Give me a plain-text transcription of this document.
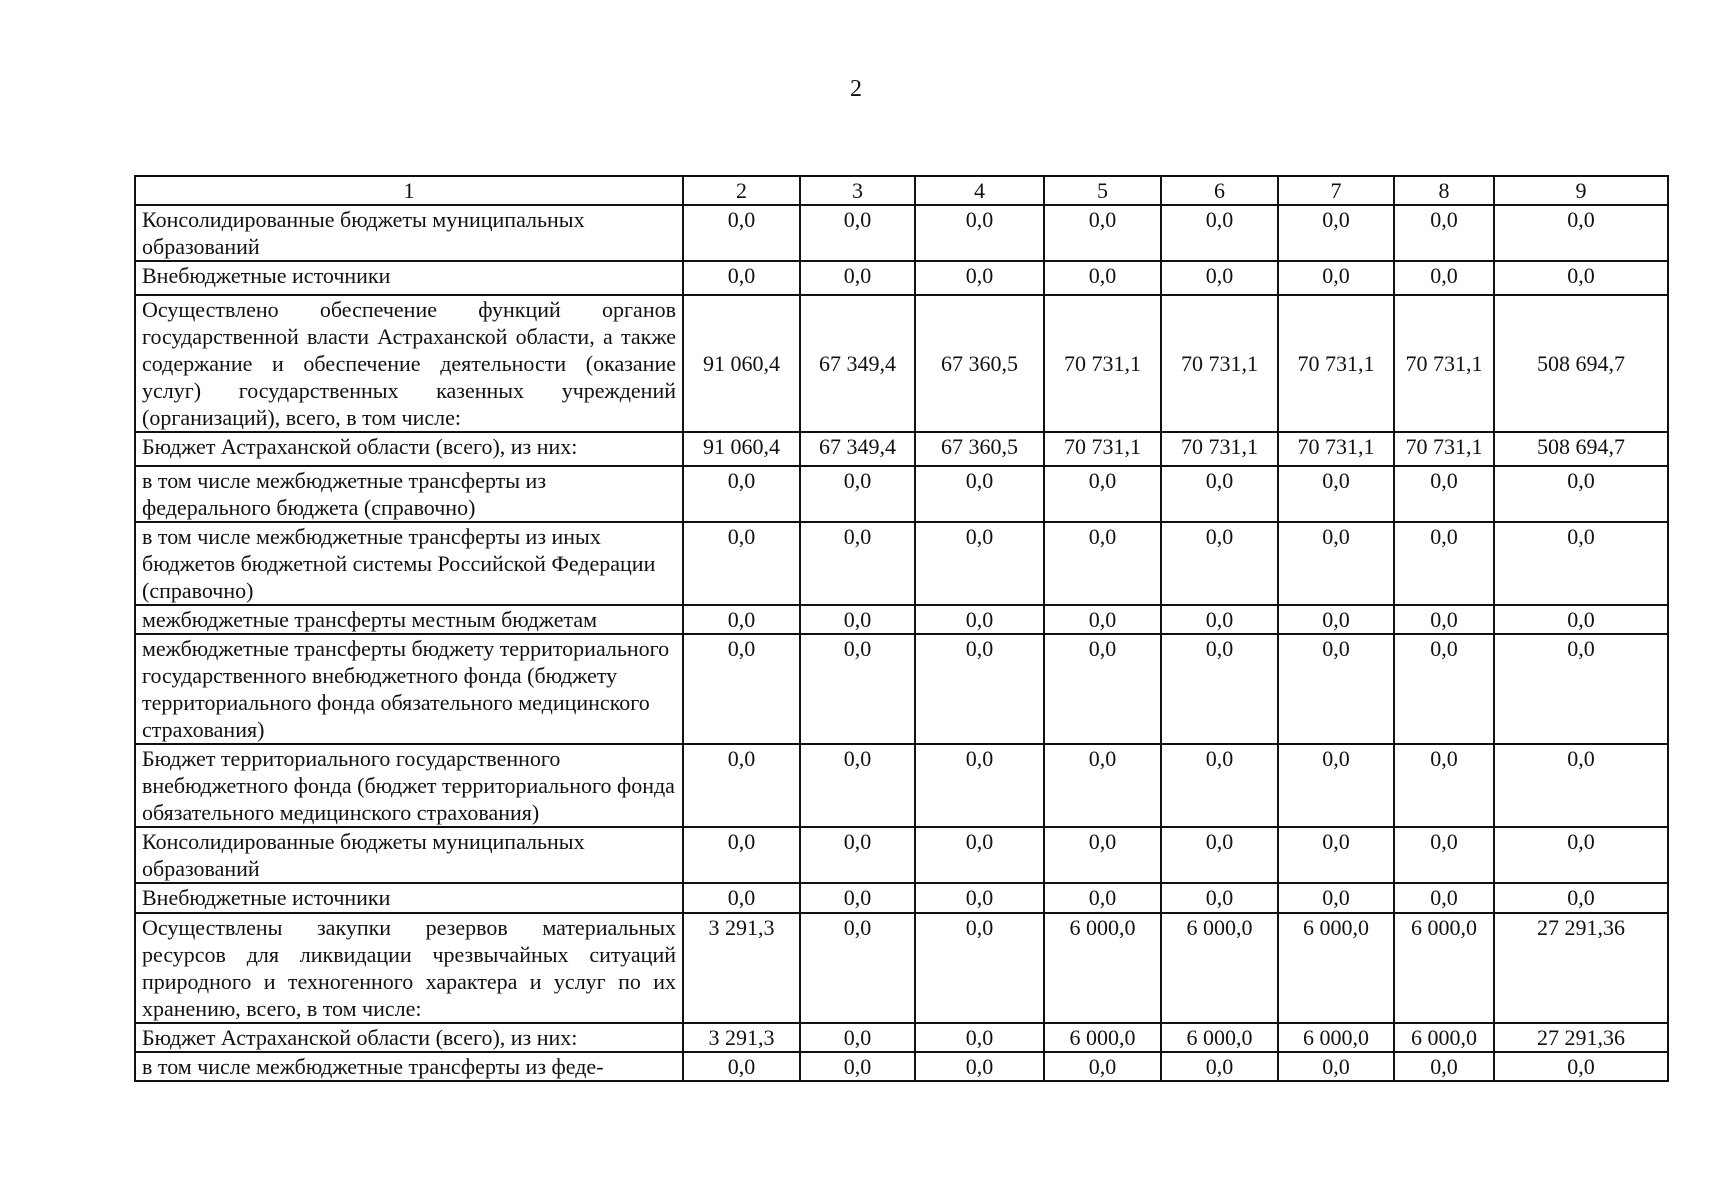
2
1	2	3	4	5	6	7	8	9
Консолидированные бюджеты муниципальных образований	0,0	0,0	0,0	0,0	0,0	0,0	0,0	0,0
Внебюджетные источники	0,0	0,0	0,0	0,0	0,0	0,0	0,0	0,0
Осуществлено обеспечение функций органов государственной власти Астраханской области, а также содержание и обеспечение деятельности (оказание услуг) государственных казенных учреждений (организаций), всего, в том числе:	91 060,4	67 349,4	67 360,5	70 731,1	70 731,1	70 731,1	70 731,1	508 694,7
Бюджет Астраханской области (всего), из них:	91 060,4	67 349,4	67 360,5	70 731,1	70 731,1	70 731,1	70 731,1	508 694,7
в том числе межбюджетные трансферты из федерального бюджета (справочно)	0,0	0,0	0,0	0,0	0,0	0,0	0,0	0,0
в том числе межбюджетные трансферты из иных бюджетов бюджетной системы Российской Федерации (справочно)	0,0	0,0	0,0	0,0	0,0	0,0	0,0	0,0
межбюджетные трансферты местным бюджетам	0,0	0,0	0,0	0,0	0,0	0,0	0,0	0,0
межбюджетные трансферты бюджету территориального государственного внебюджетного фонда (бюджету территориального фонда обязательного медицинского страхования)	0,0	0,0	0,0	0,0	0,0	0,0	0,0	0,0
Бюджет территориального государственного внебюджетного фонда (бюджет территориального фонда обязательного медицинского страхования)	0,0	0,0	0,0	0,0	0,0	0,0	0,0	0,0
Консолидированные бюджеты муниципальных образований	0,0	0,0	0,0	0,0	0,0	0,0	0,0	0,0
Внебюджетные источники	0,0	0,0	0,0	0,0	0,0	0,0	0,0	0,0
Осуществлены закупки резервов материальных ресурсов для ликвидации чрезвычайных ситуаций природного и техногенного характера и услуг по их хранению, всего, в том числе:	3 291,3	0,0	0,0	6 000,0	6 000,0	6 000,0	6 000,0	27 291,36
Бюджет Астраханской области (всего), из них:	3 291,3	0,0	0,0	6 000,0	6 000,0	6 000,0	6 000,0	27 291,36
в том числе межбюджетные трансферты из феде-	0,0	0,0	0,0	0,0	0,0	0,0	0,0	0,0
